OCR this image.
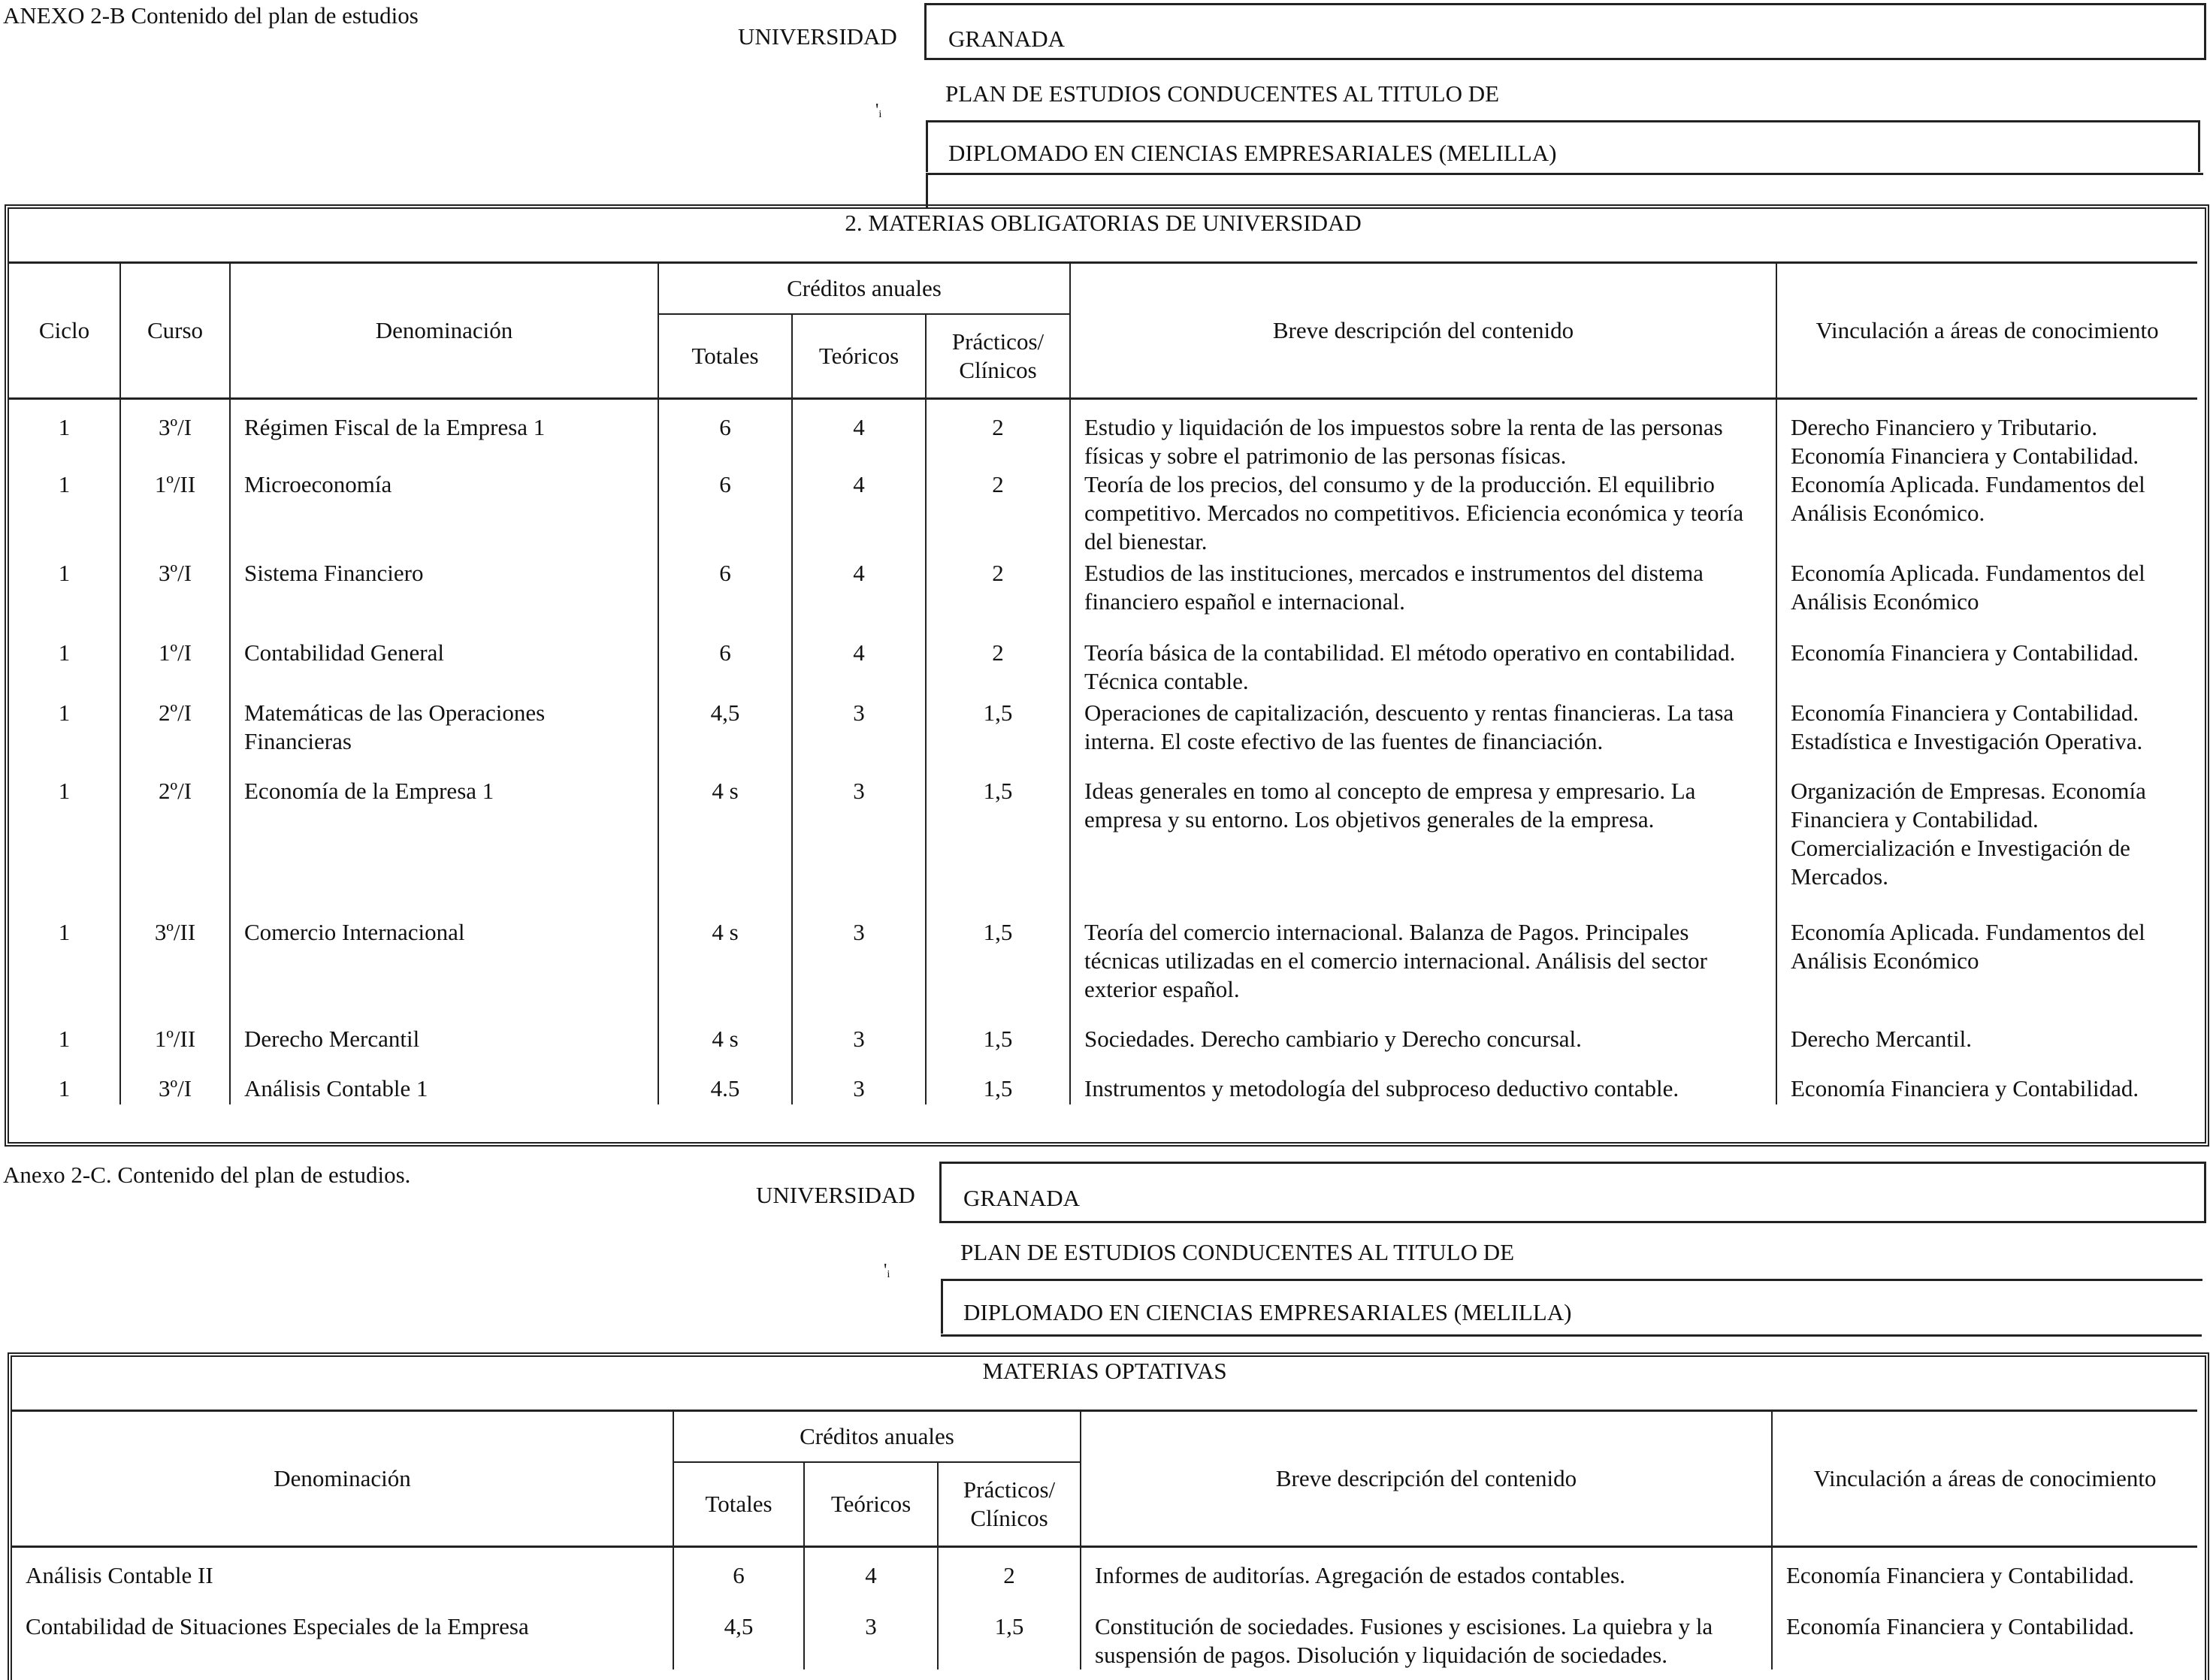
ANEXO 2-B Contenido del plan de estudios
UNIVERSIDAD GRANADA
'ᵢ
PLAN DE ESTUDIOS CONDUCENTES AL TITULO DE
DIPLOMADO EN CIENCIAS EMPRESARIALES (MELILLA)
2. MATERIAS OBLIGATORIAS DE UNIVERSIDAD							
Ciclo	Curso	Denominación	Créditos anuales			Breve descripción del contenido	Vinculación a áreas de conocimiento
			Totales	Teóricos	Prácticos/ Clínicos		

1	3º/I	Régimen Fiscal de la Empresa 1	6	4	2	Estudio y liquidación de los impuestos sobre la renta de las personas físicas y sobre el patrimonio de las personas físicas.	Derecho Financiero y Tributario. Economía Financiera y Contabilidad.
1	1º/II	Microeconomía	6	4	2	Teoría de los precios, del consumo y de la producción. El equilibrio competitivo. Mercados no competitivos. Eficiencia económica y teoría del bienestar.	Economía Aplicada. Fundamentos del Análisis Económico.
1	3º/I	Sistema Financiero	6	4	2	Estudios de las instituciones, mercados e instrumentos del distema financiero español e internacional.	Economía Aplicada. Fundamentos del Análisis Económico
1	1º/I	Contabilidad General	6	4	2	Teoría básica de la contabilidad. El método operativo en contabilidad. Técnica contable.	Economía Financiera y Contabilidad.
1	2º/I	Matemáticas de las Operaciones Financieras	4,5	3	1,5	Operaciones de capitalización, descuento y rentas financieras. La tasa interna. El coste efectivo de las fuentes de financiación.	Economía Financiera y Contabilidad. Estadística e Investigación Operativa.
1	2º/I	Economía de la Empresa 1	4 s	3	1,5	Ideas generales en tomo al concepto de empresa y empresario. La empresa y su entorno. Los objetivos generales de la empresa.	Organización de Empresas. Economía Financiera y Contabilidad. Comercialización e Investigación de Mercados.
1	3º/II	Comercio Internacional	4 s	3	1,5	Teoría del comercio internacional. Balanza de Pagos. Principales técnicas utilizadas en el comercio internacional. Análisis del sector exterior español.	Economía Aplicada. Fundamentos del Análisis Económico
1	1º/II	Derecho Mercantil	4 s	3	1,5	Sociedades. Derecho cambiario y Derecho concursal.	Derecho Mercantil.
1	3º/I	Análisis Contable 1	4.5	3	1,5	Instrumentos y metodología del subproceso deductivo contable.	Economía Financiera y Contabilidad.
Anexo 2-C. Contenido del plan de estudios.
UNIVERSIDAD GRANADA
'ᵢ
PLAN DE ESTUDIOS CONDUCENTES AL TITULO DE
DIPLOMADO EN CIENCIAS EMPRESARIALES (MELILLA)
MATERIAS OPTATIVAS					
Denominación	Créditos anuales			Breve descripción del contenido	Vinculación a áreas de conocimiento
	Totales	Teóricos	Prácticos/ Clínicos		

Análisis Contable II	6	4	2	Informes de auditorías. Agregación de estados contables.	Economía Financiera y Contabilidad.
Contabilidad de Situaciones Especiales de la Empresa	4,5	3	1,5	Constitución de sociedades. Fusiones y escisiones. La quiebra y la suspensión de pagos. Disolución y liquidación de sociedades.	Economía Financiera y Contabilidad.
